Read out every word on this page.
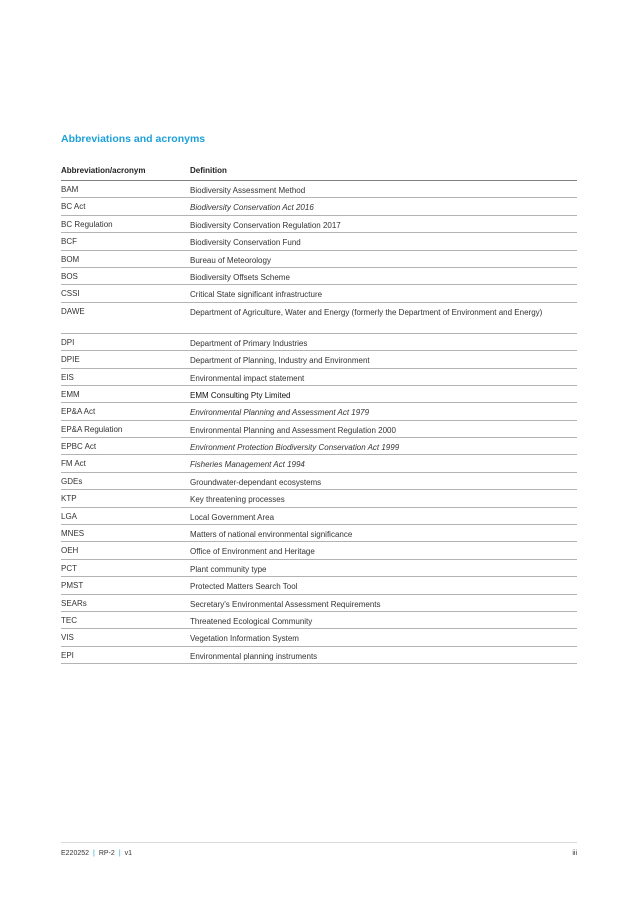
Abbreviations and acronyms
Abbreviation/acronym	Definition
BAM	Biodiversity Assessment Method
BC Act	Biodiversity Conservation Act 2016
BC Regulation	Biodiversity Conservation Regulation 2017
BCF	Biodiversity Conservation Fund
BOM	Bureau of Meteorology
BOS	Biodiversity Offsets Scheme
CSSI	Critical State significant infrastructure
DAWE	Department of Agriculture, Water and Energy (formerly the Department of Environment and Energy)
DPI	Department of Primary Industries
DPIE	Department of Planning, Industry and Environment
EIS	Environmental impact statement
EMM	EMM Consulting Pty Limited
EP&A Act	Environmental Planning and Assessment Act 1979
EP&A Regulation	Environmental Planning and Assessment Regulation 2000
EPBC Act	Environment Protection Biodiversity Conservation Act 1999
FM Act	Fisheries Management Act 1994
GDEs	Groundwater-dependant ecosystems
KTP	Key threatening processes
LGA	Local Government Area
MNES	Matters of national environmental significance
OEH	Office of Environment and Heritage
PCT	Plant community type
PMST	Protected Matters Search Tool
SEARs	Secretary's Environmental Assessment Requirements
TEC	Threatened Ecological Community
VIS	Vegetation Information System
EPI	Environmental planning instruments
E220252 | RP-2 | v1	iii
